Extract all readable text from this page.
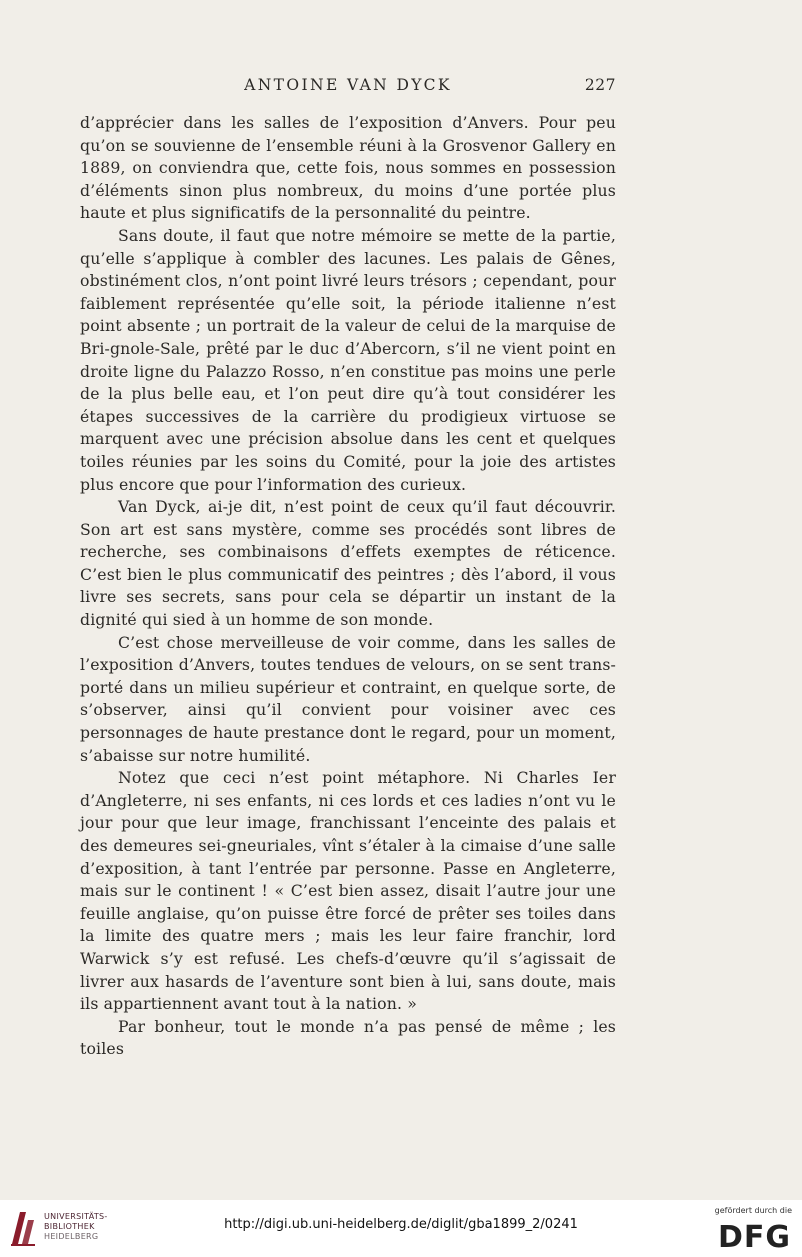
ANTOINE VAN DYCK	227

d’apprécier dans les salles de l’exposition d’Anvers. Pour peu qu’on se souvienne de l’ensemble réuni à la Grosvenor Gallery en 1889, on conviendra que, cette fois, nous sommes en possession d’éléments sinon plus nombreux, du moins d’une portée plus haute et plus significatifs de la personnalité du peintre.

Sans doute, il faut que notre mémoire se mette de la partie, qu’elle s’applique à combler des lacunes. Les palais de Gênes, obstinément clos, n’ont point livré leurs trésors ; cependant, pour faiblement représentée qu’elle soit, la période italienne n’est point absente ; un portrait de la valeur de celui de la marquise de Bri-gnole-Sale, prêté par le duc d’Abercorn, s’il ne vient point en droite ligne du Palazzo Rosso, n’en constitue pas moins une perle de la plus belle eau, et l’on peut dire qu’à tout considérer les étapes successives de la carrière du prodigieux virtuose se marquent avec une précision absolue dans les cent et quelques toiles réunies par les soins du Comité, pour la joie des artistes plus encore que pour l’information des curieux.

Van Dyck, ai-je dit, n’est point de ceux qu’il faut découvrir. Son art est sans mystère, comme ses procédés sont libres de recherche, ses combinaisons d’effets exemptes de réticence. C’est bien le plus communicatif des peintres ; dès l’abord, il vous livre ses secrets, sans pour cela se départir un instant de la dignité qui sied à un homme de son monde.

C’est chose merveilleuse de voir comme, dans les salles de l’exposition d’Anvers, toutes tendues de velours, on se sent trans-porté dans un milieu supérieur et contraint, en quelque sorte, de s’observer, ainsi qu’il convient pour voisiner avec ces personnages de haute prestance dont le regard, pour un moment, s’abaisse sur notre humilité.

Notez que ceci n’est point métaphore. Ni Charles Ier d’Angleterre, ni ses enfants, ni ces lords et ces ladies n’ont vu le jour pour que leur image, franchissant l’enceinte des palais et des demeures sei-gneuriales, vînt s’étaler à la cimaise d’une salle d’exposition, à tant l’entrée par personne. Passe en Angleterre, mais sur le continent ! « C’est bien assez, disait l’autre jour une feuille anglaise, qu’on puisse être forcé de prêter ses toiles dans la limite des quatre mers ; mais les leur faire franchir, lord Warwick s’y est refusé. Les chefs-d’œuvre qu’il s’agissait de livrer aux hasards de l’aventure sont bien à lui, sans doute, mais ils appartiennent avant tout à la nation. »

Par bonheur, tout le monde n’a pas pensé de même ; les toiles

UNIVERSITÄTS-
BIBLIOTHEK
HEIDELBERG
http://digi.ub.uni-heidelberg.de/diglit/gba1899_2/0241
gefördert durch die
DFG
